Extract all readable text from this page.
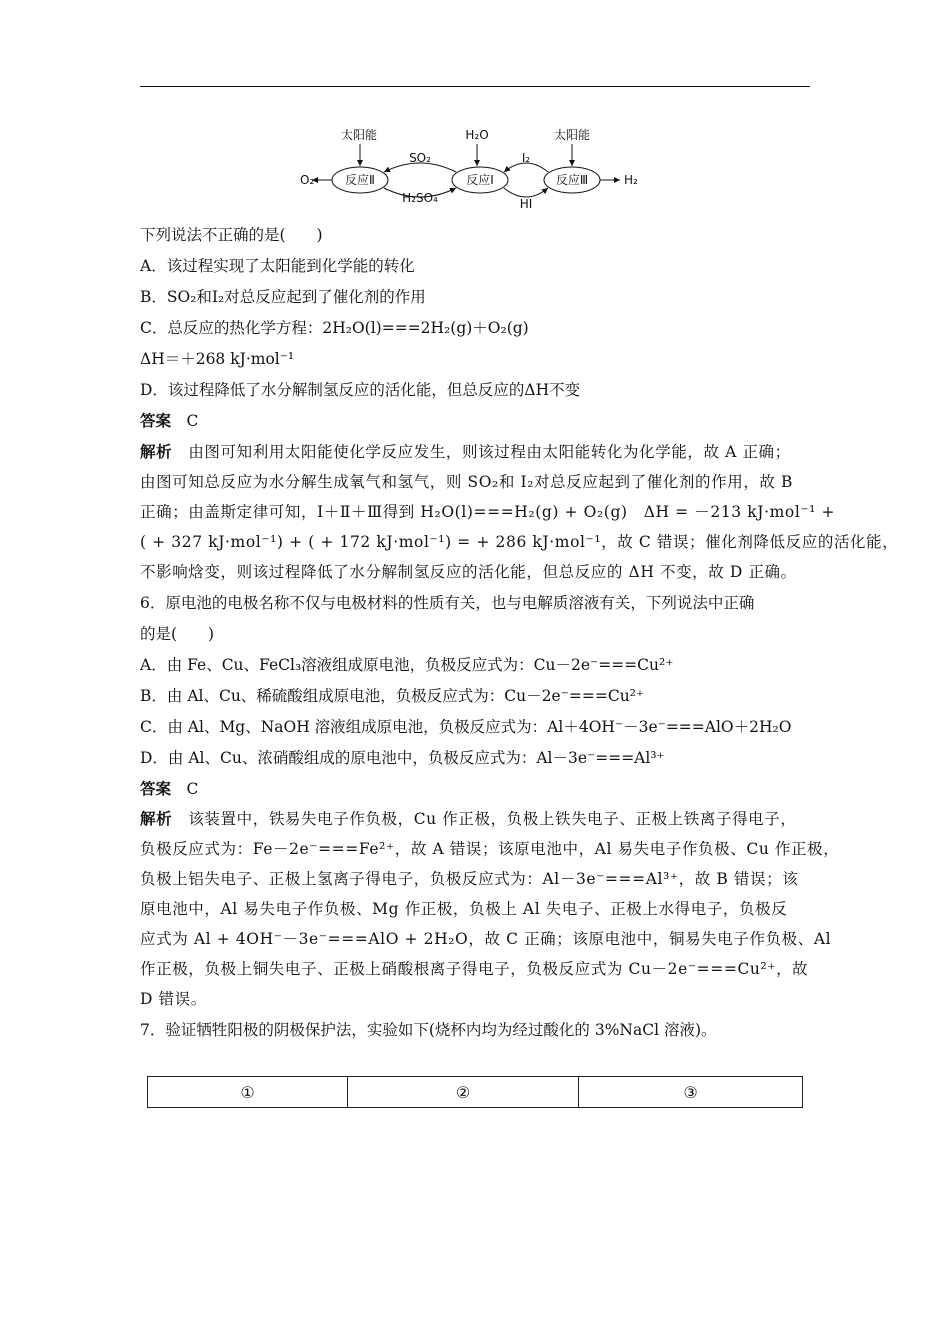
太阳能	H₂O	太阳能
反应Ⅱ	反应Ⅰ	反应Ⅲ
O₂	H₂
SO₂
H₂SO₄
I₂
HI
下列说法不正确的是(　　)
A．该过程实现了太阳能到化学能的转化
B．SO₂和I₂对总反应起到了催化剂的作用
C．总反应的热化学方程：2H₂O(l)===2H₂(g)＋O₂(g)
ΔH＝＋268 kJ·mol⁻¹
D．该过程降低了水分解制氢反应的活化能，但总反应的ΔH不变
答案　 C
解析　 由图可知利用太阳能使化学反应发生，则该过程由太阳能转化为化学能，故 A 正确；
由图可知总反应为水分解生成氧气和氢气，则 SO₂和 I₂对总反应起到了催化剂的作用，故 B
正确；由盖斯定律可知，Ⅰ＋Ⅱ＋Ⅲ得到 H₂O(l)===H₂(g) + O₂(g)　ΔH = －213 kJ·mol⁻¹ +
( + 327 kJ·mol⁻¹) + ( + 172 kJ·mol⁻¹) = + 286 kJ·mol⁻¹，故 C 错误；催化剂降低反应的活化能，
不影响焓变，则该过程降低了水分解制氢反应的活化能，但总反应的 ΔH 不变，故 D 正确。
6．原电池的电极名称不仅与电极材料的性质有关，也与电解质溶液有关，下列说法中正确
的是(　　)
A．由 Fe、Cu、FeCl₃溶液组成原电池，负极反应式为：Cu－2e⁻===Cu²⁺
B．由 Al、Cu、稀硫酸组成原电池，负极反应式为：Cu－2e⁻===Cu²⁺
C．由 Al、Mg、NaOH 溶液组成原电池，负极反应式为：Al＋4OH⁻－3e⁻===AlO＋2H₂O
D．由 Al、Cu、浓硝酸组成的原电池中，负极反应式为：Al－3e⁻===Al³⁺
答案　 C
解析　 该装置中，铁易失电子作负极，Cu 作正极，负极上铁失电子、正极上铁离子得电子，
负极反应式为：Fe－2e⁻===Fe²⁺，故 A 错误；该原电池中，Al 易失电子作负极、Cu 作正极，
负极上铝失电子、正极上氢离子得电子，负极反应式为：Al－3e⁻===Al³⁺，故 B 错误；该
原电池中，Al 易失电子作负极、Mg 作正极，负极上 Al 失电子、正极上水得电子，负极反
应式为 Al + 4OH⁻－3e⁻===AlO + 2H₂O，故 C 正确；该原电池中，铜易失电子作负极、Al
作正极，负极上铜失电子、正极上硝酸根离子得电子，负极反应式为 Cu－2e⁻===Cu²⁺，故
D 错误。
7．验证牺牲阳极的阴极保护法，实验如下(烧杯内均为经过酸化的 3%NaCl 溶液)。
①	②	③
